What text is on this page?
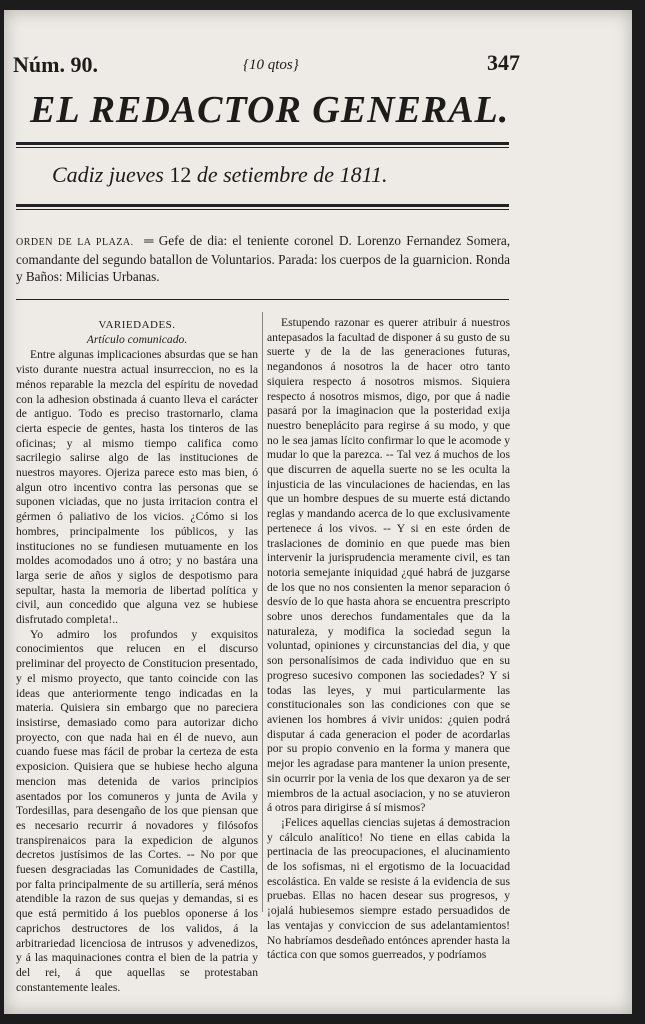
Núm. 90.	{10 qtos}	347
EL REDACTOR GENERAL.
Cadiz jueves 12 de setiembre de 1811.
ORDEN DE LA PLAZA.  ═ Gefe de dia: el teniente coronel D. Lorenzo Fernandez Somera, comandante del segundo batallon de Voluntarios. Parada: los cuerpos de la guarnicion. Ronda y Baños: Milicias Urbanas.

VARIEDADES.

Artículo comunicado.

Entre algunas implicaciones absurdas que se han visto durante nuestra actual insurreccion, no es la ménos reparable la mezcla del espíritu de novedad con la adhesion obstinada á cuanto lleva el carácter de antiguo. Todo es preciso trastornarlo, clama cierta especie de gentes, hasta los tinteros de las oficinas; y al mismo tiempo califica como sacrilegio salirse algo de las instituciones de nuestros mayores. Ojeriza parece esto mas bien, ó algun otro incentivo contra las personas que se suponen viciadas, que no justa irritacion contra el gérmen ó paliativo de los vicios. ¿Cómo si los hombres, principalmente los públicos, y las instituciones no se fundiesen mutuamente en los moldes acomodados uno á otro; y no bastára una larga serie de años y siglos de despotismo para sepultar, hasta la memoria de libertad política y civil, aun concedido que alguna vez se hubiese disfrutado completa!..

Yo admiro los profundos y exquisitos conocimientos que relucen en el discurso preliminar del proyecto de Constitucion presentado, y el mismo proyecto, que tanto coincide con las ideas que anteriormente tengo indicadas en la materia. Quisiera sin embargo que no pareciera insistirse, demasiado como para autorizar dicho proyecto, con que nada hai en él de nuevo, aun cuando fuese mas fácil de probar la certeza de esta exposicion. Quisiera que se hubiese hecho alguna mencion mas detenida de varios principios asentados por los comuneros y junta de Avila y Tordesillas, para desengaño de los que piensan que es necesario recurrir á novadores y filósofos transpirenaicos para la expedicion de algunos decretos justísimos de las Cortes. -- No por que fuesen desgraciadas las Comunidades de Castilla, por falta principalmente de su artillería, será ménos atendible la razon de sus quejas y demandas, si es que está permitido á los pueblos oponerse á los caprichos destructores de los validos, á la arbitrariedad licenciosa de intrusos y advenedizos, y á las maquinaciones contra el bien de la patria y del rei, á que aquellas se protestaban constantemente leales.

Estupendo razonar es querer atribuir á nuestros antepasados la facultad de disponer á su gusto de su suerte y de la de las generaciones futuras, negandonos á nosotros la de hacer otro tanto siquiera respecto á nosotros mismos. Siquiera respecto á nosotros mismos, digo, por que á nadie pasará por la imaginacion que la posteridad exija nuestro beneplácito para regirse á su modo, y que no le sea jamas lícito confirmar lo que le acomode y mudar lo que la parezca. -- Tal vez á muchos de los que discurren de aquella suerte no se les oculta la injusticia de las vinculaciones de haciendas, en las que un hombre despues de su muerte está dictando reglas y mandando acerca de lo que exclusivamente pertenece á los vivos. -- Y si en este órden de traslaciones de dominio en que puede mas bien intervenir la jurisprudencia meramente civil, es tan notoria semejante iniquidad ¿qué habrá de juzgarse de los que no nos consienten la menor separacion ó desvío de lo que hasta ahora se encuentra prescripto sobre unos derechos fundamentales que da la naturaleza, y modifica la sociedad segun la voluntad, opiniones y circunstancias del dia, y que son personalísimos de cada individuo que en su progreso sucesivo componen las sociedades? Y si todas las leyes, y mui particularmente las constitucionales son las condiciones con que se avienen los hombres á vivir unidos: ¿quien podrá disputar á cada generacion el poder de acordarlas por su propio convenio en la forma y manera que mejor les agradase para mantener la union presente, sin ocurrir por la venia de los que dexaron ya de ser miembros de la actual asociacion, y no se atuvieron á otros para dirigirse á sí mismos?

¡Felices aquellas ciencias sujetas á demostracion y cálculo analítico! No tiene en ellas cabida la pertinacia de las preocupaciones, el alucinamiento de los sofismas, ni el ergotismo de la locuacidad escolástica. En valde se resiste á la evidencia de sus pruebas. Ellas no hacen desear sus progresos, y ¡ojalá hubiesemos siempre estado persuadidos de las ventajas y conviccion de sus adelantamientos! No habríamos desdeñado entónces aprender hasta la táctica con que somos guerreados, y podríamos
